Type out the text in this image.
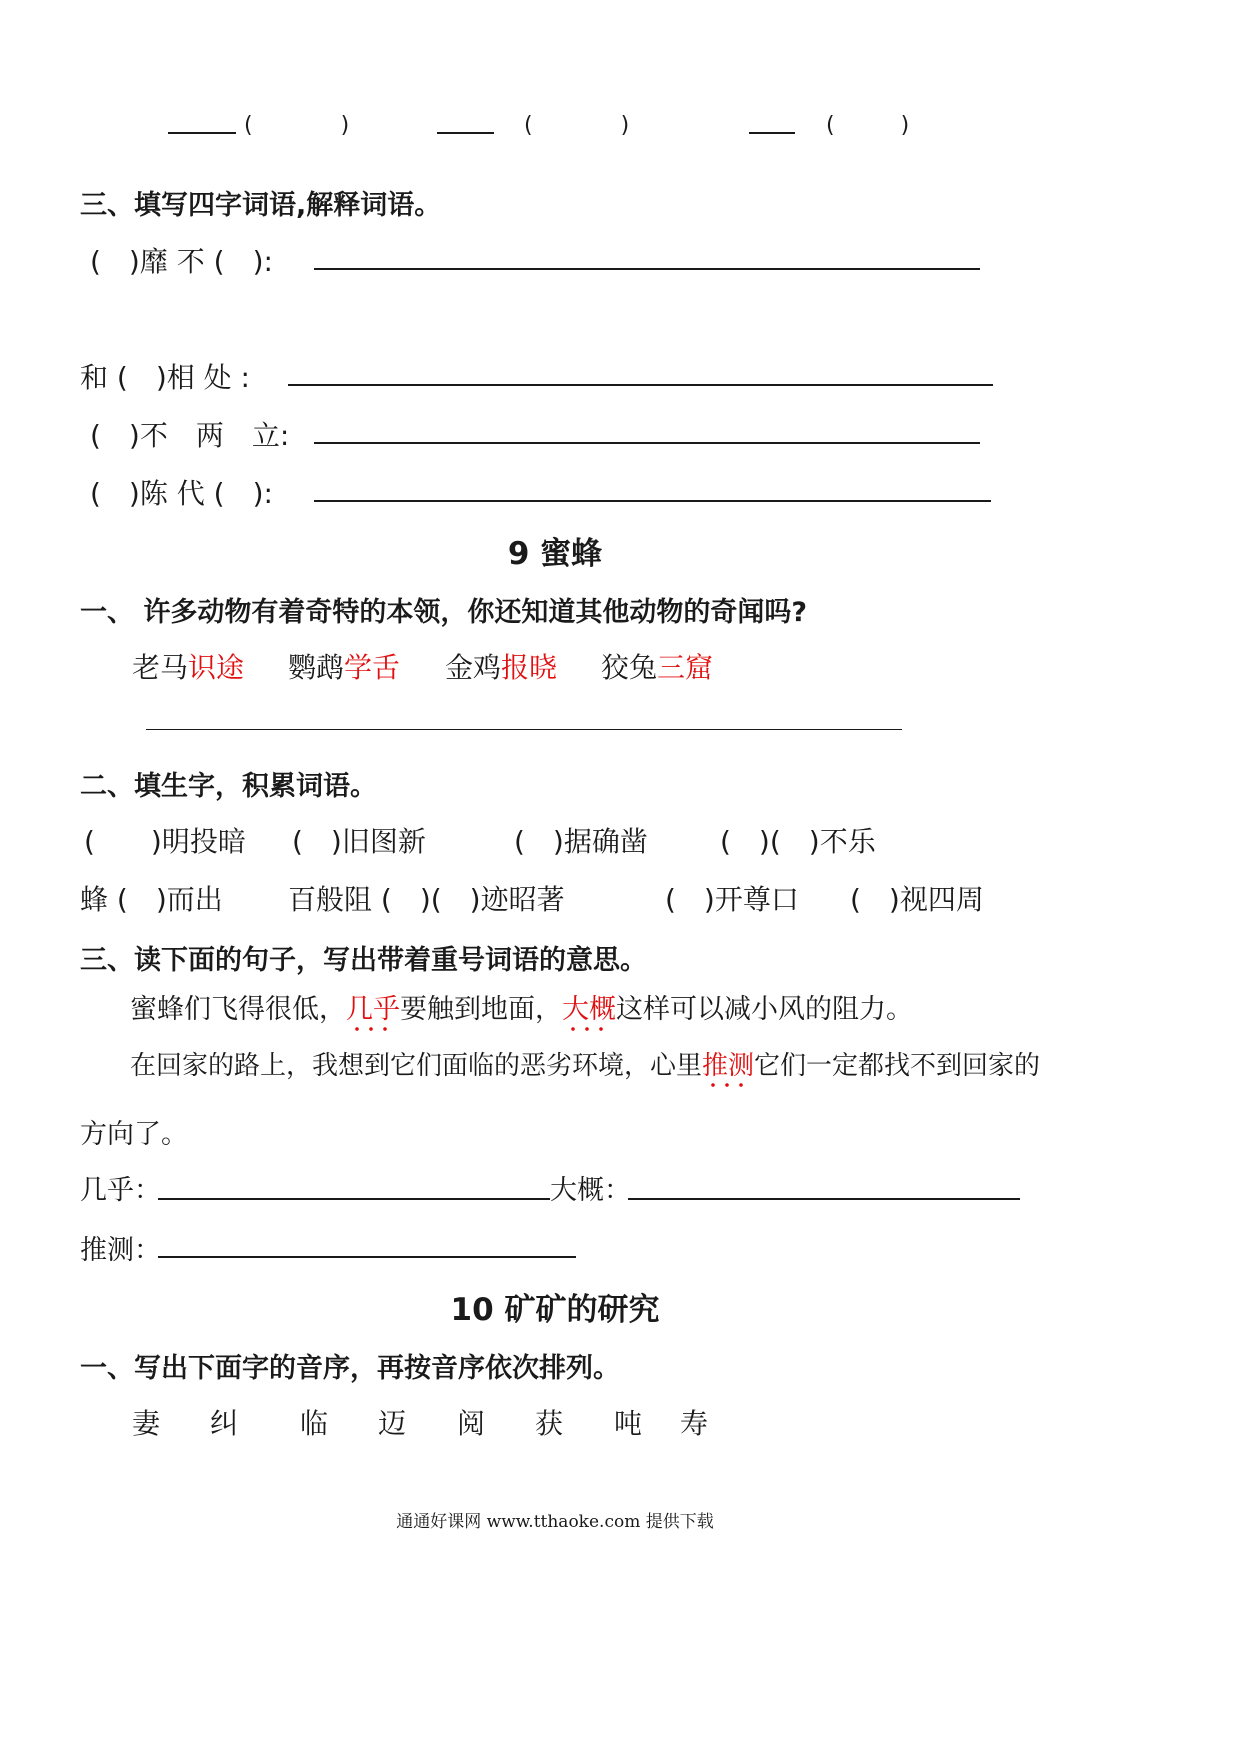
(　　　　)	(　　　　)	(　　　)
三、填写四字词语,解释词语。
(　)靡 不 (　):
和 (　)相 处 :
(　)不　两　立:
(　)陈 代 (　):
9 蜜蜂
一、 许多动物有着奇特的本领，你还知道其他动物的奇闻吗?
老马识途 鹦鹉学舌 金鸡报晓 狡兔三窟
二、填生字，积累词语。
(　　)明投暗 (　)旧图新	(　)据确凿	(　)(　)不乐
蜂 (　)而出 百般阻 (　)(　)迹昭著	(　)开尊口 (　)视四周
三、读下面的句子，写出带着重号词语的意思。
蜜蜂们飞得很低，几乎要触到地面，大概这样可以减小风的阻力。
在回家的路上，我想到它们面临的恶劣环境，心里推测它们一定都找不到回家的
方向了。
几乎：	大概：
推测：
10 矿矿的研究
一、写出下面字的音序，再按音序依次排列。
妻 纠 临 迈 阅 获 吨 寿
通通好课网 www.tthaoke.com 提供下载
